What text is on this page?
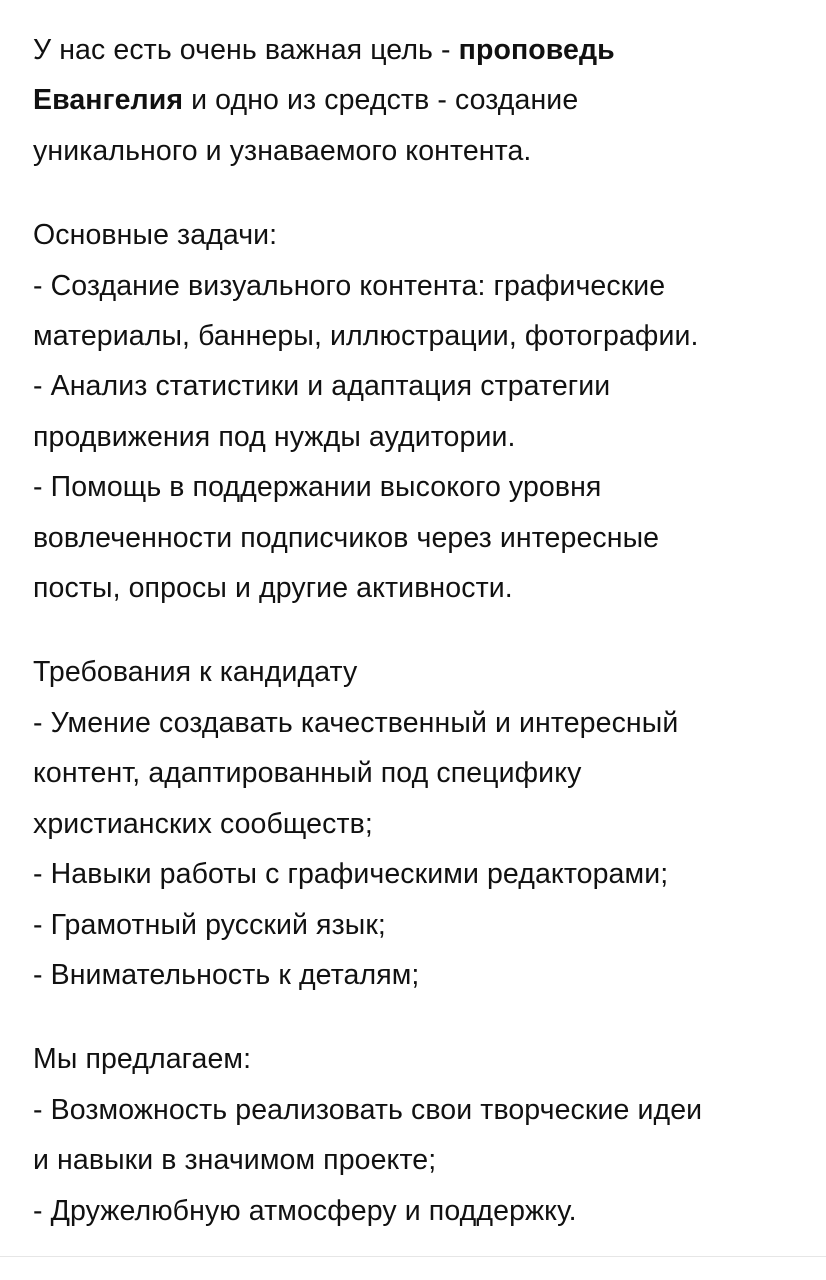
У нас есть очень важная цель - проповедь
Евангелия и одно из средств - создание
уникального и узнаваемого контента.
Основные задачи:
- Создание визуального контента: графические
материалы, баннеры, иллюстрации, фотографии.
- Анализ статистики и адаптация стратегии
продвижения под нужды аудитории.
- Помощь в поддержании высокого уровня
вовлеченности подписчиков через интересные
посты, опросы и другие активности.
Требования к кандидату
- Умение создавать качественный и интересный
контент, адаптированный под специфику
христианских сообществ;
- Навыки работы с графическими редакторами;
- Грамотный русский язык;
- Внимательность к деталям;
Мы предлагаем:
- Возможность реализовать свои творческие идеи
и навыки в значимом проекте;
- Дружелюбную атмосферу и поддержку.
